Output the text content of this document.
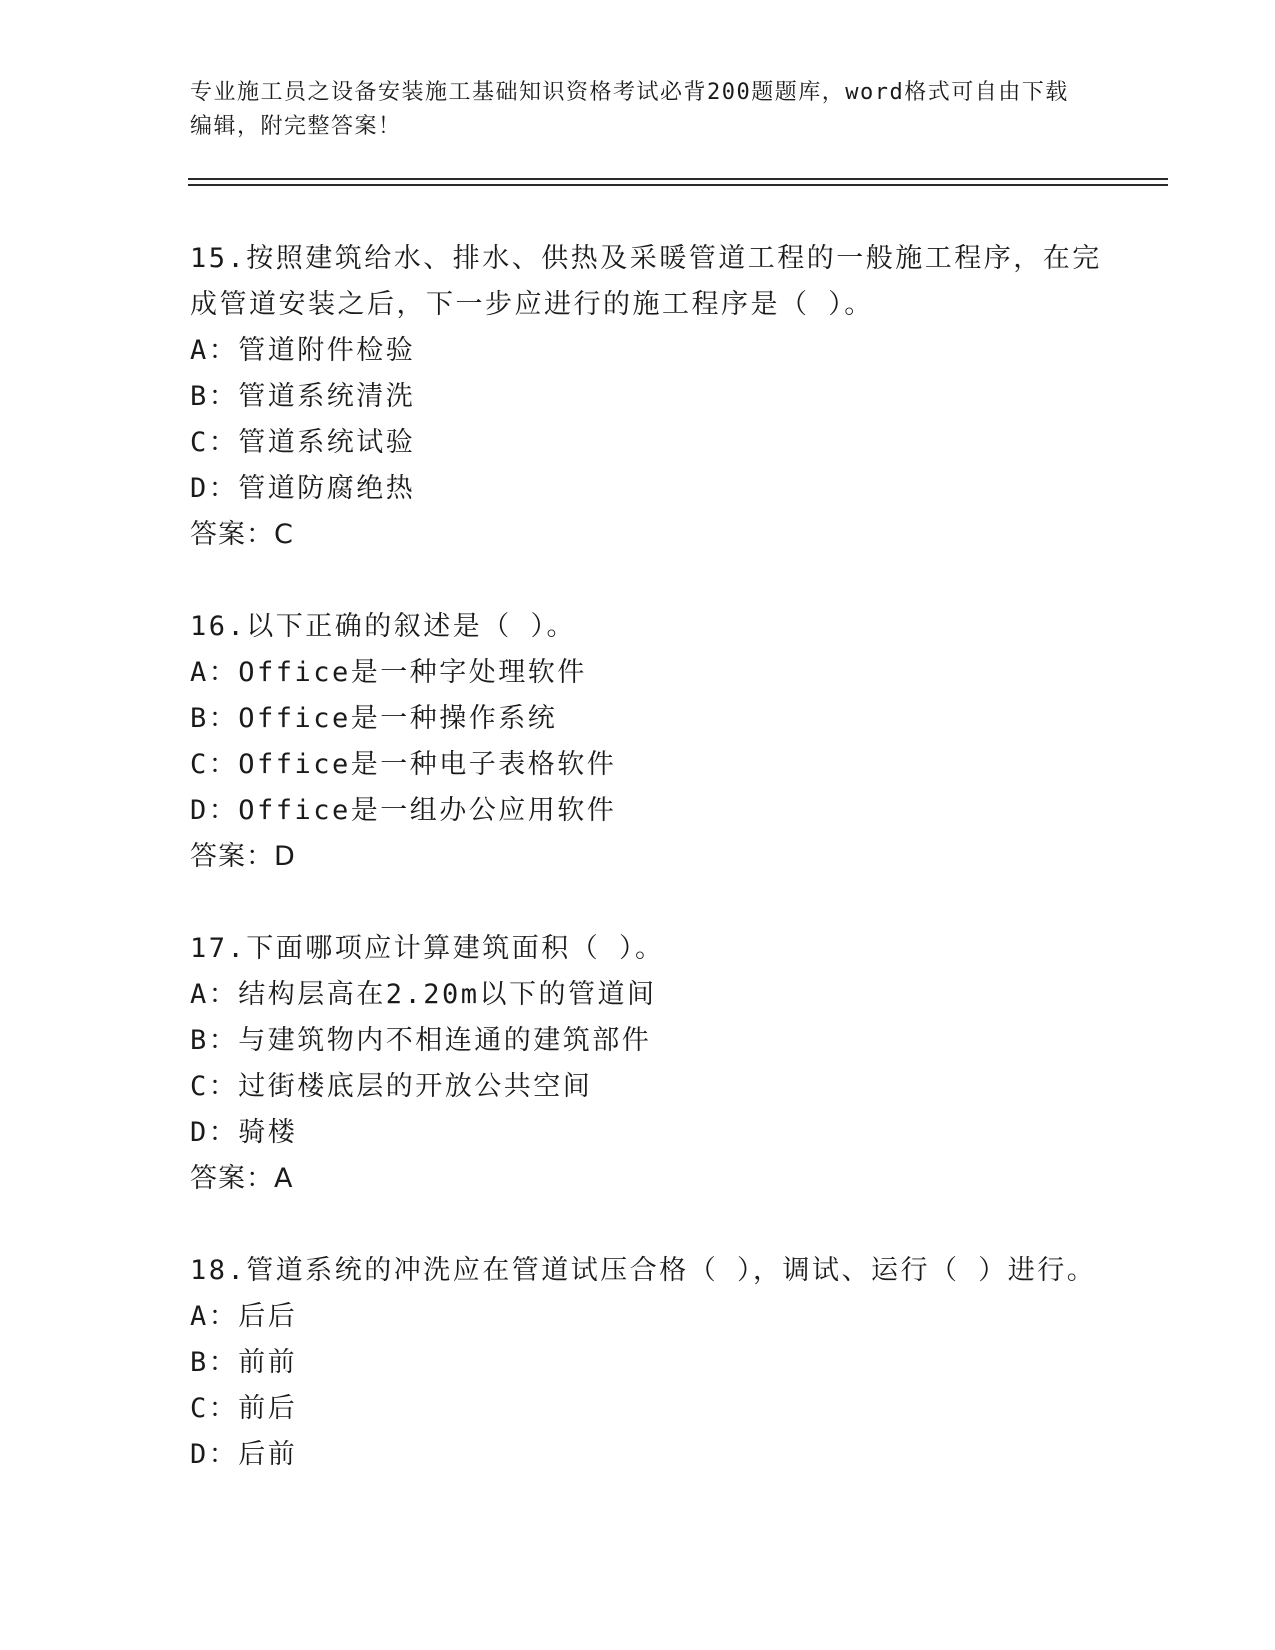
专业施工员之设备安装施工基础知识资格考试必背200题题库，word格式可自由下载编辑，附完整答案！
15.按照建筑给水、排水、供热及采暖管道工程的一般施工程序，在完成管道安装之后，下一步应进行的施工程序是（ ）。
A：管道附件检验
B：管道系统清洗
C：管道系统试验
D：管道防腐绝热
答案：C
16.以下正确的叙述是（ ）。
A：Office是一种字处理软件
B：Office是一种操作系统
C：Office是一种电子表格软件
D：Office是一组办公应用软件
答案：D
17.下面哪项应计算建筑面积（ ）。
A：结构层高在2.20m以下的管道间
B：与建筑物内不相连通的建筑部件
C：过街楼底层的开放公共空间
D：骑楼
答案：A
18.管道系统的冲洗应在管道试压合格（ ），调试、运行（ ）进行。
A：后后
B：前前
C：前后
D：后前
